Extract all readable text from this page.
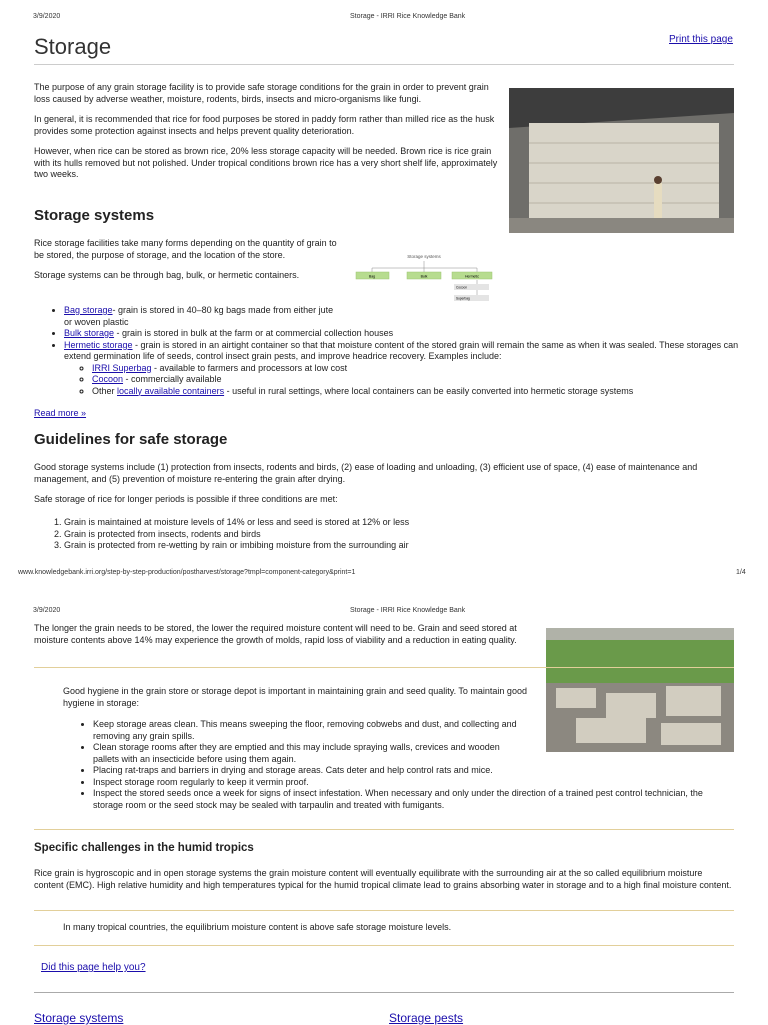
3/9/2020	Storage - IRRI Rice Knowledge Bank
Storage	Print this page

The purpose of any grain storage facility is to provide safe storage conditions for the grain in order to prevent grain loss caused by adverse weather, moisture, rodents, birds, insects and micro-organisms like fungi.

In general, it is recommended that rice for food purposes be stored in paddy form rather than milled rice as the husk provides some protection against insects and helps prevent quality deterioration.

However, when rice can be stored as brown rice, 20% less storage capacity will be needed. Brown rice is rice grain with its hulls removed but not polished. Under tropical conditions brown rice has a very short shelf life, approximately two weeks.

Storage systems

Rice storage facilities take many forms depending on the quantity of grain to be stored, the purpose of storage, and the location of the store.

Storage systems can be through bag, bulk, or hermetic containers.

Storage systems
Bag	Bulk	Hermetic
Cocoon
Superbag
• Bag storage- grain is stored in 40–80 kg bags made from either jute or woven plastic
• Bulk storage - grain is stored in bulk at the farm or at commercial collection houses
• Hermetic storage - grain is stored in an airtight container so that that moisture content of the stored grain will remain the same as when it was sealed. These storages can extend germination life of seeds, control insect grain pests, and improve headrice recovery. Examples include:
◦ IRRI Superbag - available to farmers and processors at low cost
◦ Cocoon - commercially available
◦ Other locally available containers - useful in rural settings, where local containers can be easily converted into hermetic storage systems
Read more »
Guidelines for safe storage

Good storage systems include (1) protection from insects, rodents and birds, (2) ease of loading and unloading, (3) efficient use of space, (4) ease of maintenance and management, and (5) prevention of moisture re-entering the grain after drying.

Safe storage of rice for longer periods is possible if three conditions are met:

1. Grain is maintained at moisture levels of 14% or less and seed is stored at 12% or less
2. Grain is protected from insects, rodents and birds
3. Grain is protected from re-wetting by rain or imbibing moisture from the surrounding air
www.knowledgebank.irri.org/step-by-step-production/postharvest/storage?tmpl=component-category&print=1	1/4
3/9/2020	Storage - IRRI Rice Knowledge Bank

The longer the grain needs to be stored, the lower the required moisture content will need to be. Grain and seed stored at moisture contents above 14% may experience the growth of molds, rapid loss of viability and a reduction in eating quality.

Good hygiene in the grain store or storage depot is important in maintaining grain and seed quality. To maintain good hygiene in storage:

• Keep storage areas clean. This means sweeping the floor, removing cobwebs and dust, and collecting and removing any grain spills.
• Clean storage rooms after they are emptied and this may include spraying walls, crevices and wooden pallets with an insecticide before using them again.
• Placing rat-traps and barriers in drying and storage areas. Cats deter and help control rats and mice.
• Inspect storage room regularly to keep it vermin proof.
• Inspect the stored seeds once a week for signs of insect infestation. When necessary and only under the direction of a trained pest control technician, the storage room or the seed stock may be sealed with tarpaulin and treated with fumigants.
Specific challenges in the humid tropics

Rice grain is hygroscopic and in open storage systems the grain moisture content will eventually equilibrate with the surrounding air at the so called equilibrium moisture content (EMC). High relative humidity and high temperatures typical for the humid tropical climate lead to grains absorbing water in storage and to a high final moisture content.

In many tropical countries, the equilibrium moisture content is above safe storage moisture levels.

Did this page help you?
Storage systems	Storage pests
